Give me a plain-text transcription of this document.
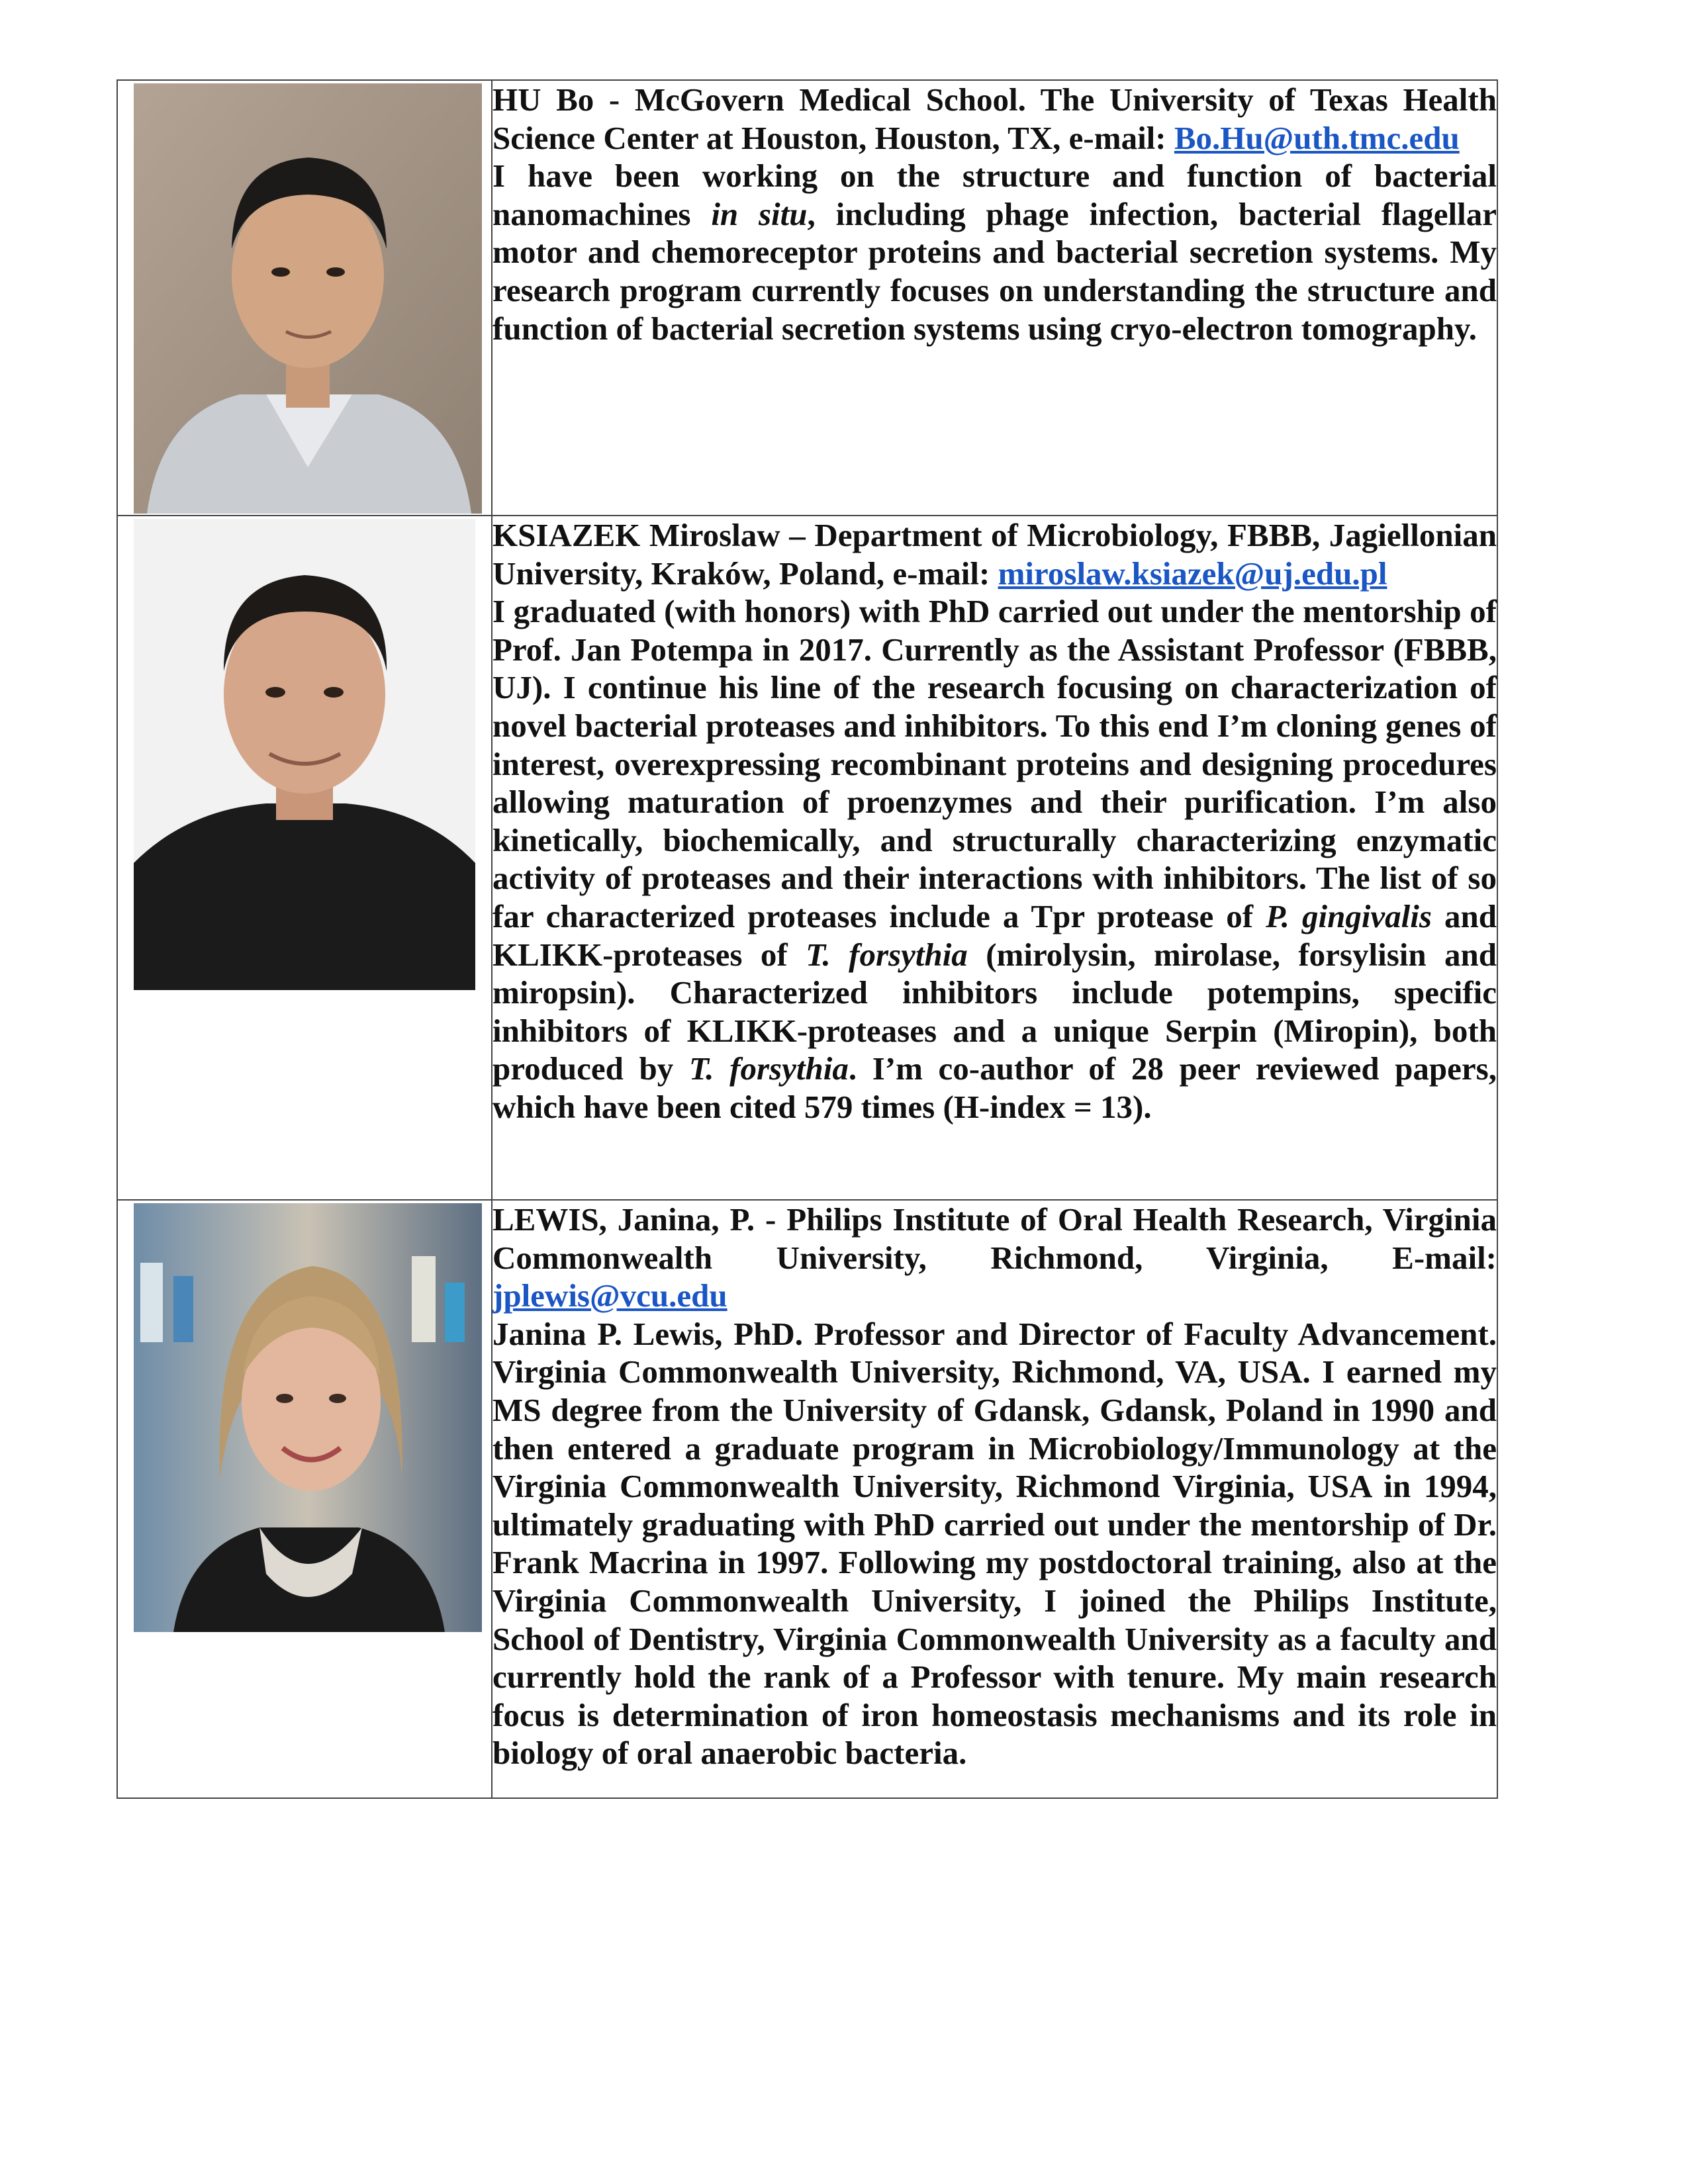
HU Bo - McGovern Medical School. The University of Texas Health Science Center at Houston, Houston, TX, e-mail: Bo.Hu@uth.tmc.edu

I have been working on the structure and function of bacterial nanomachines in situ, including phage infection, bacterial flagellar motor and chemoreceptor proteins and bacterial secretion systems. My research program currently focuses on understanding the structure and function of bacterial secretion systems using cryo-electron tomography.

KSIAZEK Miroslaw – Department of Microbiology, FBBB, Jagiellonian University, Kraków, Poland, e-mail: miroslaw.ksiazek@uj.edu.pl

I graduated (with honors) with PhD carried out under the mentorship of Prof. Jan Potempa in 2017. Currently as the Assistant Professor (FBBB, UJ). I continue his line of the research focusing on characterization of novel bacterial proteases and inhibitors. To this end I’m cloning genes of interest, overexpressing recombinant proteins and designing procedures allowing maturation of proenzymes and their purification. I’m also kinetically, biochemically, and structurally characterizing enzymatic activity of proteases and their interactions with inhibitors. The list of so far characterized proteases include a Tpr protease of P. gingivalis and KLIKK-proteases of T. forsythia (mirolysin, mirolase, forsylisin and miropsin). Characterized inhibitors include potempins, specific inhibitors of KLIKK-proteases and a unique Serpin (Miropin), both produced by T. forsythia. I’m co-author of 28 peer reviewed papers, which have been cited 579 times (H-index = 13).

LEWIS, Janina, P. - Philips Institute of Oral Health Research, Virginia Commonwealth University, Richmond, Virginia, E-mail: jplewis@vcu.edu

Janina P. Lewis, PhD. Professor and Director of Faculty Advancement. Virginia Commonwealth University, Richmond, VA, USA. I earned my MS degree from the University of Gdansk, Gdansk, Poland in 1990 and then entered a graduate program in Microbiology/Immunology at the Virginia Commonwealth University, Richmond Virginia, USA in 1994, ultimately graduating with PhD carried out under the mentorship of Dr. Frank Macrina in 1997. Following my postdoctoral training, also at the Virginia Commonwealth University, I joined the Philips Institute, School of Dentistry, Virginia Commonwealth University as a faculty and currently hold the rank of a Professor with tenure. My main research focus is determination of iron homeostasis mechanisms and its role in biology of oral anaerobic bacteria.
